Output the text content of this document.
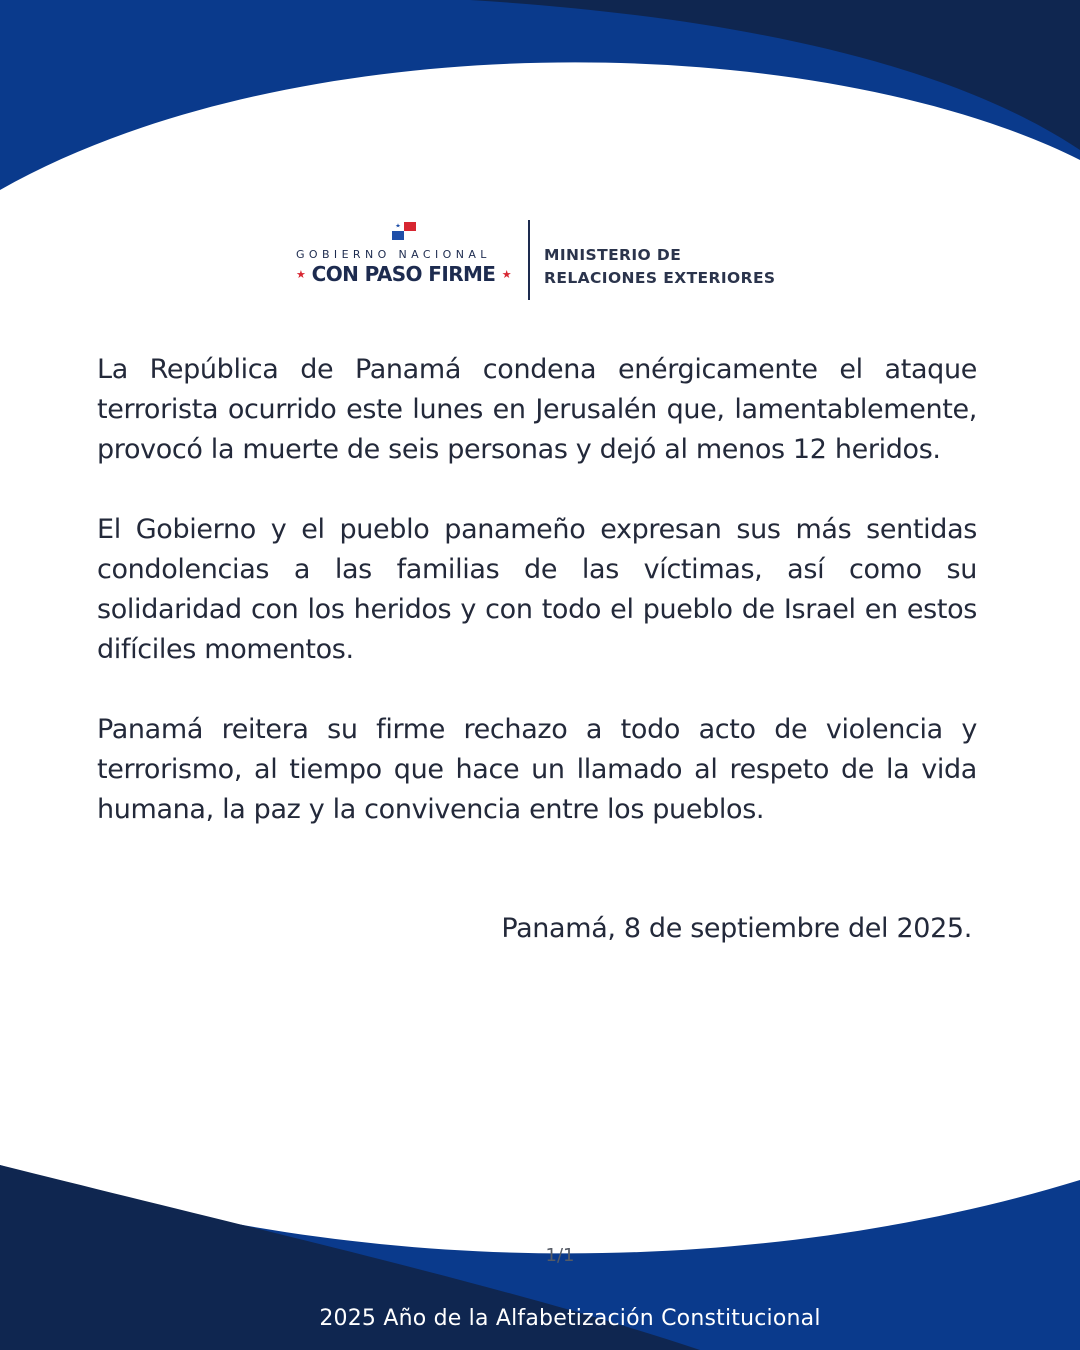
GOBIERNO NACIONAL
★ CON PASO FIRME ★
MINISTERIO DE
RELACIONES EXTERIORES

La República de Panamá condena enérgicamente el ataque terrorista ocurrido este lunes en Jerusalén que, lamentablemente, provocó la muerte de seis personas y dejó al menos 12 heridos.

El Gobierno y el pueblo panameño expresan sus más sentidas condolencias a las familias de las víctimas, así como su solidaridad con los heridos y con todo el pueblo de Israel en estos difíciles momentos.

Panamá reitera su firme rechazo a todo acto de violencia y terrorismo, al tiempo que hace un llamado al respeto de la vida humana, la paz y la convivencia entre los pueblos.

Panamá, 8 de septiembre del 2025.
1/1
2025 Año de la Alfabetización Constitucional
